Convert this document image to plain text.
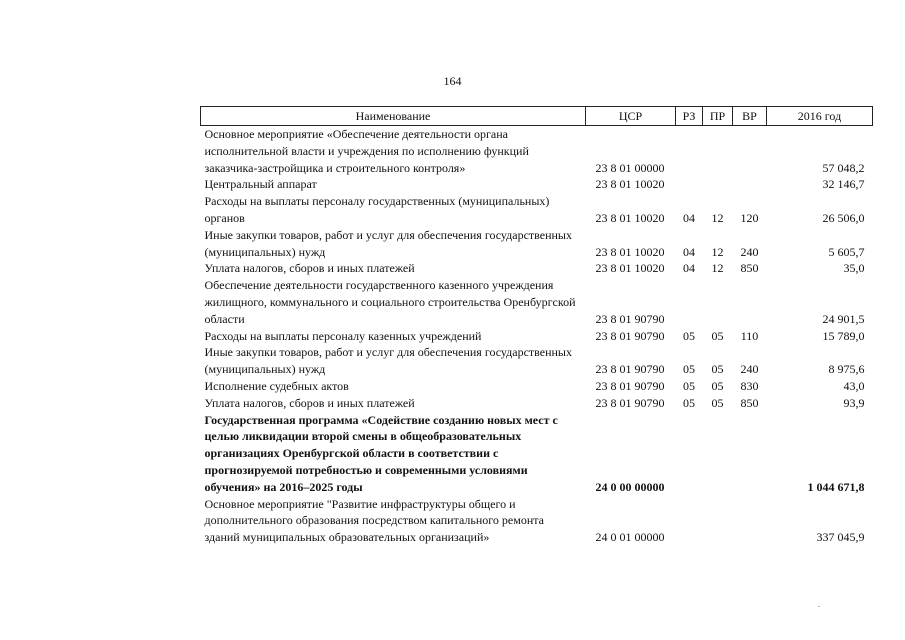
164
Наименование	ЦСР	РЗ	ПР	ВР	2016 год
Основное мероприятие «Обеспечение деятельности органа исполнительной власти и учреждения по исполнению функций заказчика-застройщика и строительного контроля»	23 8 01 00000				57 048,2
Центральный аппарат	23 8 01 10020				32 146,7
Расходы на выплаты персоналу государственных (муниципальных) органов	23 8 01 10020	04	12	120	26 506,0
Иные закупки товаров, работ и услуг для обеспечения государственных (муниципальных) нужд	23 8 01 10020	04	12	240	5 605,7
Уплата налогов, сборов и иных платежей	23 8 01 10020	04	12	850	35,0
Обеспечение деятельности государственного казенного учреждения жилищного, коммунального и социального строительства Оренбургской области	23 8 01 90790				24 901,5
Расходы на выплаты персоналу казенных учреждений	23 8 01 90790	05	05	110	15 789,0
Иные закупки товаров, работ и услуг для обеспечения государственных (муниципальных) нужд	23 8 01 90790	05	05	240	8 975,6
Исполнение судебных актов	23 8 01 90790	05	05	830	43,0
Уплата налогов, сборов и иных платежей	23 8 01 90790	05	05	850	93,9
Государственная программа «Содействие созданию новых мест с целью ликвидации второй смены в общеобразовательных организациях Оренбургской области в соответствии с прогнозируемой потребностью и современными условиями обучения» на 2016–2025 годы	24 0 00 00000				1 044 671,8
Основное мероприятие "Развитие инфраструктуры общего и дополнительного образования посредством капитального ремонта зданий муниципальных образовательных организаций»	24 0 01 00000				337 045,9
